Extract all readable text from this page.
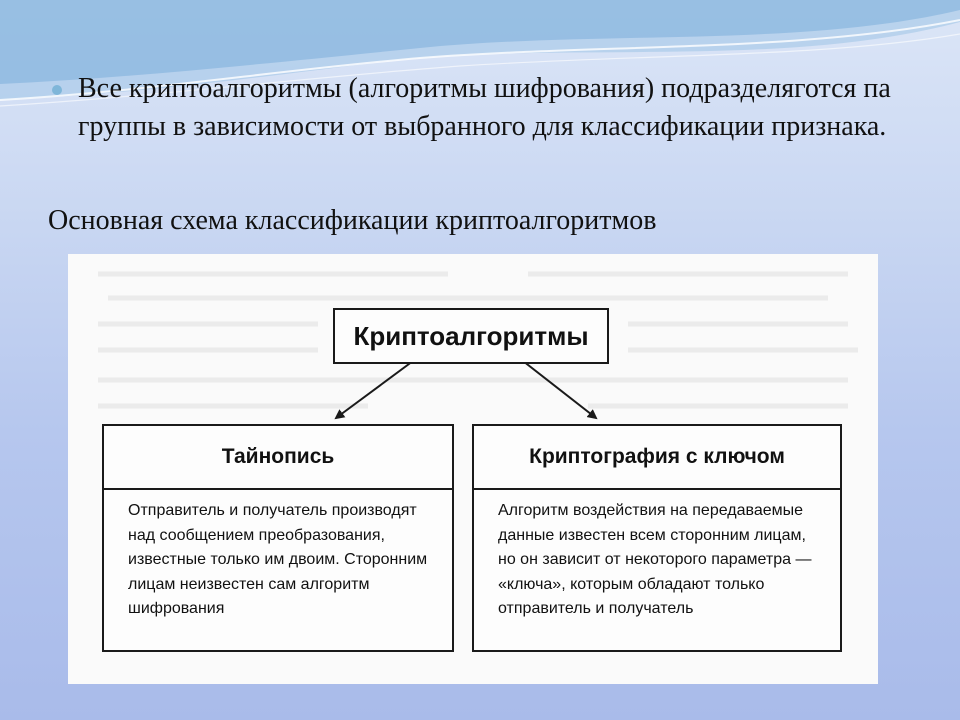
Все криптоалгоритмы (алгоритмы шифрования) подразделяготся па группы в зависимости от выбранного для классификации признака.
Основная схема классификации криптоалгоритмов
Криптоалгоритмы
Тайнопись
Отправитель и получатель производят над сообщением преобразования, известные только им двоим. Сторонним лицам неизвестен сам алгоритм шифрования
Криптография с ключом
Алгоритм воздействия на передаваемые данные известен всем сторонним лицам, но он зависит от некоторого параметра — «ключа», которым обладают только отправитель и получатель
